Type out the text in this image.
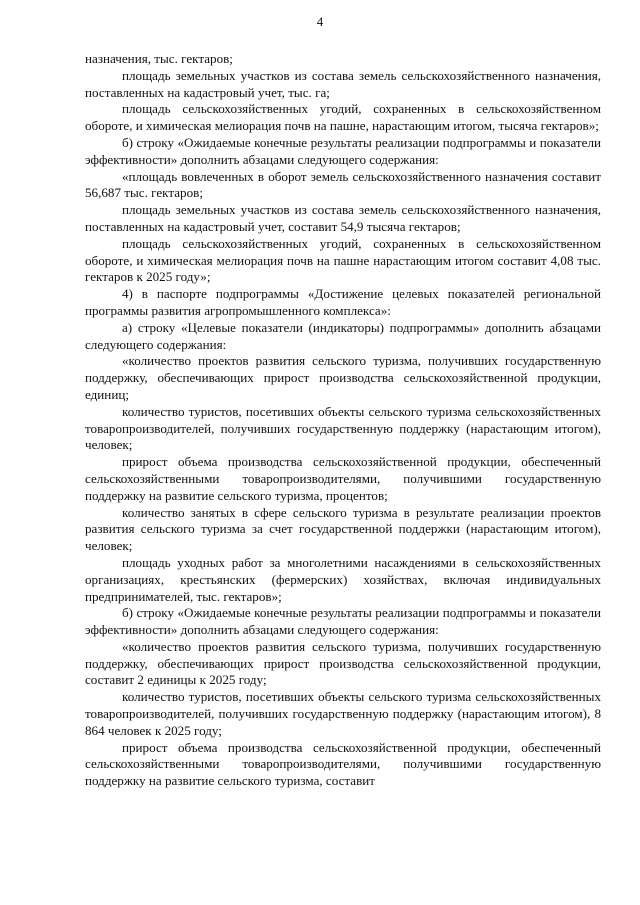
4

назначения, тыс. гектаров;

площадь земельных участков из состава земель сельскохозяйственного назначения, поставленных на кадастровый учет, тыс. га;

площадь сельскохозяйственных угодий, сохраненных в сельскохозяйственном обороте, и химическая мелиорация почв на пашне, нарастающим итогом, тысяча гектаров»;

б) строку «Ожидаемые конечные результаты реализации подпрограммы и показатели эффективности» дополнить абзацами следующего содержания:

«площадь вовлеченных в оборот земель сельскохозяйственного назначения составит 56,687 тыс. гектаров;

площадь земельных участков из состава земель сельскохозяйственного назначения, поставленных на кадастровый учет, составит 54,9 тысяча гектаров;

площадь сельскохозяйственных угодий, сохраненных в сельскохозяйственном обороте, и химическая мелиорация почв на пашне нарастающим итогом составит 4,08 тыс. гектаров к 2025 году»;

4) в паспорте подпрограммы «Достижение целевых показателей региональной программы развития агропромышленного комплекса»:

а) строку «Целевые показатели (индикаторы) подпрограммы» дополнить абзацами следующего содержания:

«количество проектов развития сельского туризма, получивших государственную поддержку, обеспечивающих прирост производства сельскохозяйственной продукции, единиц;

количество туристов, посетивших объекты сельского туризма сельскохозяйственных товаропроизводителей, получивших государственную поддержку (нарастающим итогом), человек;

прирост объема производства сельскохозяйственной продукции, обеспеченный сельскохозяйственными товаропроизводителями, получившими государственную поддержку на развитие сельского туризма, процентов;

количество занятых в сфере сельского туризма в результате реализации проектов развития сельского туризма за счет государственной поддержки (нарастающим итогом), человек;

площадь уходных работ за многолетними насаждениями в сельскохозяйственных организациях, крестьянских (фермерских) хозяйствах, включая индивидуальных предпринимателей, тыс. гектаров»;

б) строку «Ожидаемые конечные результаты реализации подпрограммы и показатели эффективности» дополнить абзацами следующего содержания:

«количество проектов развития сельского туризма, получивших государственную поддержку, обеспечивающих прирост производства сельскохозяйственной продукции, составит 2 единицы к 2025 году;

количество туристов, посетивших объекты сельского туризма сельскохозяйственных товаропроизводителей, получивших государственную поддержку (нарастающим итогом), 8 864 человек к 2025 году;

прирост объема производства сельскохозяйственной продукции, обеспеченный сельскохозяйственными товаропроизводителями, получившими государственную поддержку на развитие сельского туризма, составит
